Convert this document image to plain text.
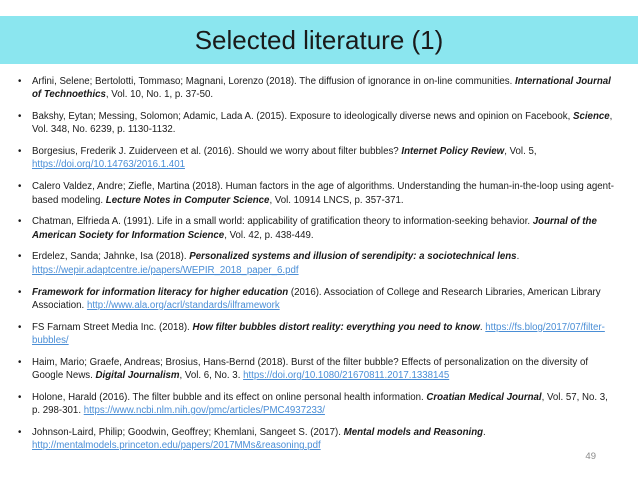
Selected literature (1)
• Arfini, Selene; Bertolotti, Tommaso; Magnani, Lorenzo (2018). The diffusion of ignorance in on-line communities. International Journal of Technoethics, Vol. 10, No. 1, p. 37-50.
• Bakshy, Eytan; Messing, Solomon; Adamic, Lada A. (2015). Exposure to ideologically diverse news and opinion on Facebook, Science, Vol. 348, No. 6239, p. 1130-1132.
• Borgesius, Frederik J. Zuiderveen et al. (2016). Should we worry about filter bubbles? Internet Policy Review, Vol. 5, https://doi.org/10.14763/2016.1.401
• Calero Valdez, Andre; Ziefle, Martina (2018). Human factors in the age of algorithms. Understanding the human-in-the-loop using agent-based modeling. Lecture Notes in Computer Science, Vol. 10914 LNCS, p. 357-371.
• Chatman, Elfrieda A. (1991). Life in a small world: applicability of gratification theory to information-seeking behavior. Journal of the American Society for Information Science, Vol. 42, p. 438-449.
• Erdelez, Sanda; Jahnke, Isa (2018). Personalized systems and illusion of serendipity: a sociotechnical lens. https://wepir.adaptcentre.ie/papers/WEPIR_2018_paper_6.pdf
• Framework for information literacy for higher education (2016). Association of College and Research Libraries, American Library Association. http://www.ala.org/acrl/standards/ilframework
• FS Farnam Street Media Inc. (2018). How filter bubbles distort reality: everything you need to know. https://fs.blog/2017/07/filter-bubbles/
• Haim, Mario; Graefe, Andreas; Brosius, Hans-Bernd (2018). Burst of the filter bubble? Effects of personalization on the diversity of Google News. Digital Journalism, Vol. 6, No. 3. https://doi.org/10.1080/21670811.2017.1338145
• Holone, Harald (2016). The filter bubble and its effect on online personal health information. Croatian Medical Journal, Vol. 57, No. 3, p. 298-301. https://www.ncbi.nlm.nih.gov/pmc/articles/PMC4937233/
• Johnson-Laird, Philip; Goodwin, Geoffrey; Khemlani, Sangeet S. (2017). Mental models and Reasoning. http://mentalmodels.princeton.edu/papers/2017MMs&reasoning.pdf
49
